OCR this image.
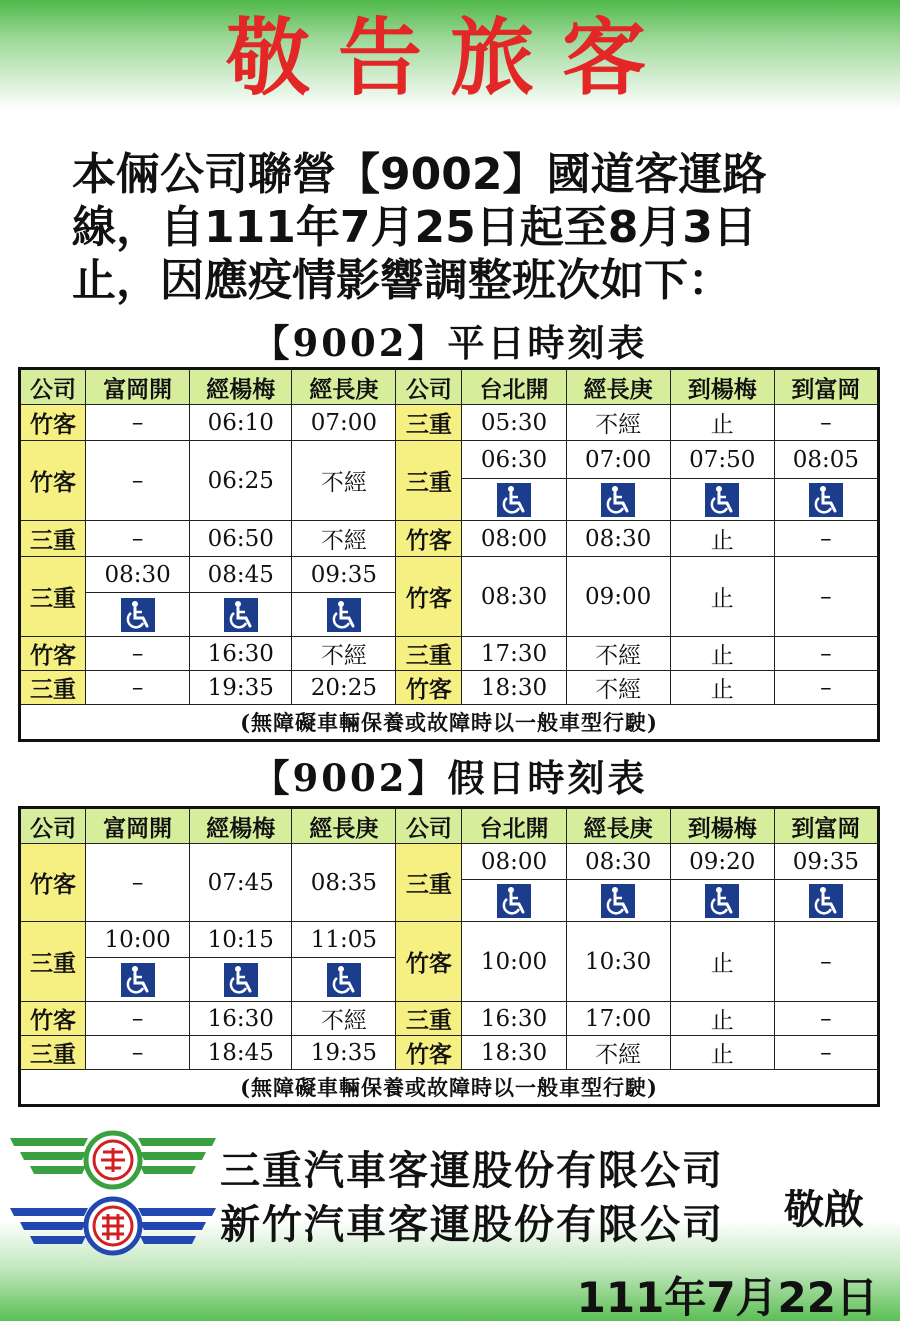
敬告旅客
本倆公司聯營【9002】國道客運路
線，自111年7月25日起至8月3日
止，因應疫情影響調整班次如下：
【9002】平日時刻表
公司	富岡開	經楊梅	經長庚	公司	台北開	經長庚	到楊梅	到富岡
竹客	–	06:10	07:00	三重	05:30	不經	止	–
竹客	–	06:25	不經	三重	06:30	07:00	07:50	08:05

三重	–	06:50	不經	竹客	08:00	08:30	止	–
三重	08:30	08:45	09:35	竹客	08:30	09:00	止	–

竹客	–	16:30	不經	三重	17:30	不經	止	–
三重	–	19:35	20:25	竹客	18:30	不經	止	–
(無障礙車輛保養或故障時以一般車型行駛)								
【9002】假日時刻表
公司	富岡開	經楊梅	經長庚	公司	台北開	經長庚	到楊梅	到富岡
竹客	–	07:45	08:35	三重	08:00	08:30	09:20	09:35

三重	10:00	10:15	11:05	竹客	10:00	10:30	止	–

竹客	–	16:30	不經	三重	16:30	17:00	止	–
三重	–	18:45	19:35	竹客	18:30	不經	止	–
(無障礙車輛保養或故障時以一般車型行駛)								
三重汽車客運股份有限公司
新竹汽車客運股份有限公司 敬啟
111年7月22日
